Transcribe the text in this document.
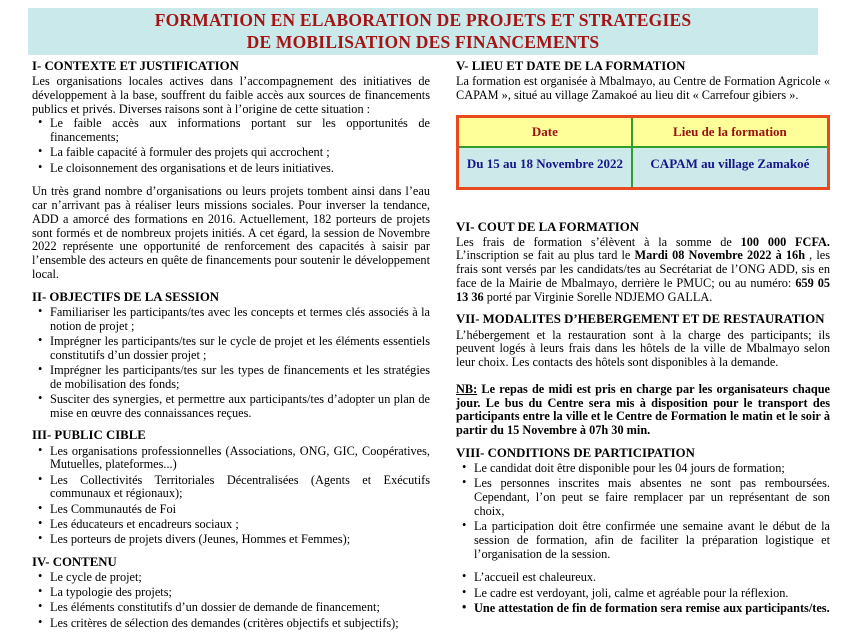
FORMATION EN ELABORATION DE PROJETS ET STRATEGIES
DE MOBILISATION DES FINANCEMENTS
I- CONTEXTE ET JUSTIFICATION

Les organisations locales actives dans l’accompagnement des initiatives de développement à la base, souffrent du faible accès aux sources de financements publics et privés. Diverses raisons sont à l’origine de cette situation :

• Le faible accès aux informations portant sur les opportunités de financements;
• La faible capacité à formuler des projets qui accrochent ;
• Le cloisonnement des organisations et de leurs initiatives.

Un très grand nombre d’organisations ou leurs projets tombent ainsi dans l’eau car n’arrivant pas à réaliser leurs missions sociales. Pour inverser la tendance, ADD a amorcé des formations en 2016. Actuellement, 182 porteurs de projets sont formés et de nombreux projets initiés. A cet égard, la session de Novembre 2022 représente une opportunité de renforcement des capacités à saisir par l’ensemble des acteurs en quête de financements pour soutenir le développement local.

II- OBJECTIFS DE LA SESSION
• Familiariser les participants/tes avec les concepts et termes clés associés à la notion de projet ;
• Imprégner les participants/tes sur le cycle de projet et les éléments essentiels constitutifs d’un dossier projet ;
• Imprégner les participants/tes sur les types de financements et les stratégies de mobilisation des fonds;
• Susciter des synergies, et permettre aux participants/tes d’adopter un plan de mise en œuvre des connaissances reçues.
III- PUBLIC CIBLE
• Les organisations professionnelles (Associations, ONG, GIC, Coopératives, Mutuelles, plateformes...)
• Les Collectivités Territoriales Décentralisées (Agents et Exécutifs communaux et régionaux);
• Les Communautés de Foi
• Les éducateurs et encadreurs sociaux ;
• Les porteurs de projets divers (Jeunes, Hommes et Femmes);
IV- CONTENU
• Le cycle de projet;
• La typologie des projets;
• Les éléments constitutifs d’un dossier de demande de financement;
• Les critères de sélection des demandes (critères objectifs et subjectifs);
V- LIEU ET DATE DE LA FORMATION

La formation est organisée à Mbalmayo, au Centre de Formation Agricole « CAPAM », situé au village Zamakoé au lieu dit « Carrefour gibiers ».

Date	Lieu de la formation
Du 15 au 18 Novembre 2022	CAPAM au village Zamakoé
VI- COUT DE LA FORMATION

Les frais de formation s’élèvent à la somme de 100 000 FCFA. L’inscription se fait au plus tard le Mardi 08 Novembre 2022 à 16h , les frais sont versés par les candidats/tes au Secrétariat de l’ONG ADD, sis en face de la Mairie de Mbalmayo, derrière le PMUC; ou au numéro: 659 05 13 36 porté par Virginie Sorelle NDJEMO GALLA.

VII- MODALITES D’HEBERGEMENT ET DE RESTAURATION

L’hébergement et la restauration sont à la charge des participants; ils peuvent logés à leurs frais dans les hôtels de la ville de Mbalmayo selon leur choix. Les contacts des hôtels sont disponibles à la demande.

NB: Le repas de midi est pris en charge par les organisateurs chaque jour. Le bus du Centre sera mis à disposition pour le transport des participants entre la ville et le Centre de Formation le matin et le soir à partir du 15 Novembre à 07h 30 min.

VIII- CONDITIONS DE PARTICIPATION
• Le candidat doit être disponible pour les 04 jours de formation;
• Les personnes inscrites mais absentes ne sont pas remboursées. Cependant, l’on peut se faire remplacer par un représentant de son choix,
• La participation doit être confirmée une semaine avant le début de la session de formation, afin de faciliter la préparation logistique et l’organisation de la session.
• L’accueil est chaleureux.
• Le cadre est verdoyant, joli, calme et agréable pour la réflexion.
• Une attestation de fin de formation sera remise aux participants/tes.
